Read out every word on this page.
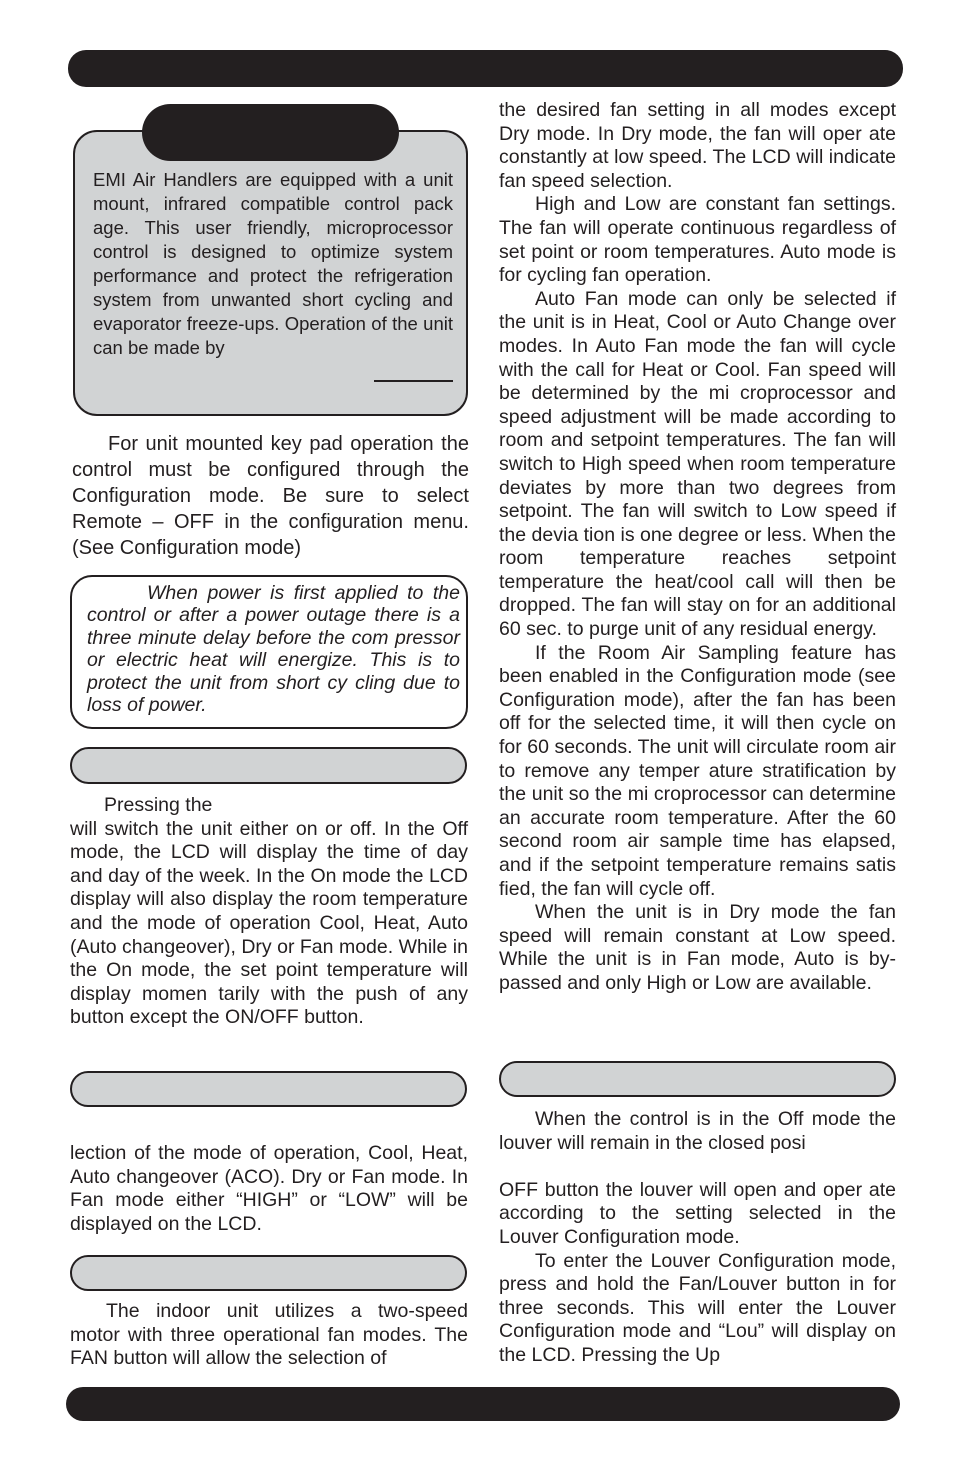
EMI Air Handlers are equipped with a unit mount, infrared compatible control pack age. This user friendly, microprocessor control is designed to optimize system performance and protect the refrigeration system from unwanted short cycling and evaporator freeze-ups. Operation of the unit can be made by

For unit mounted key pad operation the control must be configured through the Configuration mode. Be sure to select Remote – OFF in the configuration menu. (See Configuration mode)

When power is first applied to the control or after a power outage there is a three minute delay before the com pressor or electric heat will energize. This is to protect the unit from short cy cling due to loss of power.

Pressing the

will switch the unit either on or off. In the Off mode, the LCD will display the time of day and day of the week. In the On mode the LCD display will also display the room temperature and the mode of operation Cool, Heat, Auto (Auto changeover), Dry or Fan mode. While in the On mode, the set point temperature will display momen tarily with the push of any button except the ON/OFF button.

lection of the mode of operation, Cool, Heat, Auto changeover (ACO). Dry or Fan mode. In Fan mode either “HIGH” or “LOW” will be displayed on the LCD.

The indoor unit utilizes a two-speed motor with three operational fan modes. The FAN button will allow the selection of

the desired fan setting in all modes except Dry mode. In Dry mode, the fan will oper ate constantly at low speed. The LCD will indicate fan speed selection.

High and Low are constant fan settings. The fan will operate continuous regardless of set point or room temperatures. Auto mode is for cycling fan operation.

Auto Fan mode can only be selected if the unit is in Heat, Cool or Auto Change over modes. In Auto Fan mode the fan will cycle with the call for Heat or Cool. Fan speed will be determined by the mi croprocessor and speed adjustment will be made according to room and setpoint temperatures. The fan will switch to High speed when room temperature deviates by more than two degrees from setpoint. The fan will switch to Low speed if the devia tion is one degree or less. When the room temperature reaches setpoint temperature the heat/cool call will then be dropped. The fan will stay on for an additional 60 sec. to purge unit of any residual energy.

If the Room Air Sampling feature has been enabled in the Configuration mode (see Configuration mode), after the fan has been off for the selected time, it will then cycle on for 60 seconds. The unit will circulate room air to remove any temper ature stratification by the unit so the mi croprocessor can determine an accurate room temperature. After the 60 second room air sample time has elapsed, and if the setpoint temperature remains satis fied, the fan will cycle off.

When the unit is in Dry mode the fan speed will remain constant at Low speed. While the unit is in Fan mode, Auto is by-passed and only High or Low are available.

When the control is in the Off mode the louver will remain in the closed posi

OFF button the louver will open and oper ate according to the setting selected in the Louver Configuration mode.

To enter the Louver Configuration mode, press and hold the Fan/Louver button in for three seconds. This will enter the Louver Configuration mode and “Lou” will display on the LCD. Pressing the Up
